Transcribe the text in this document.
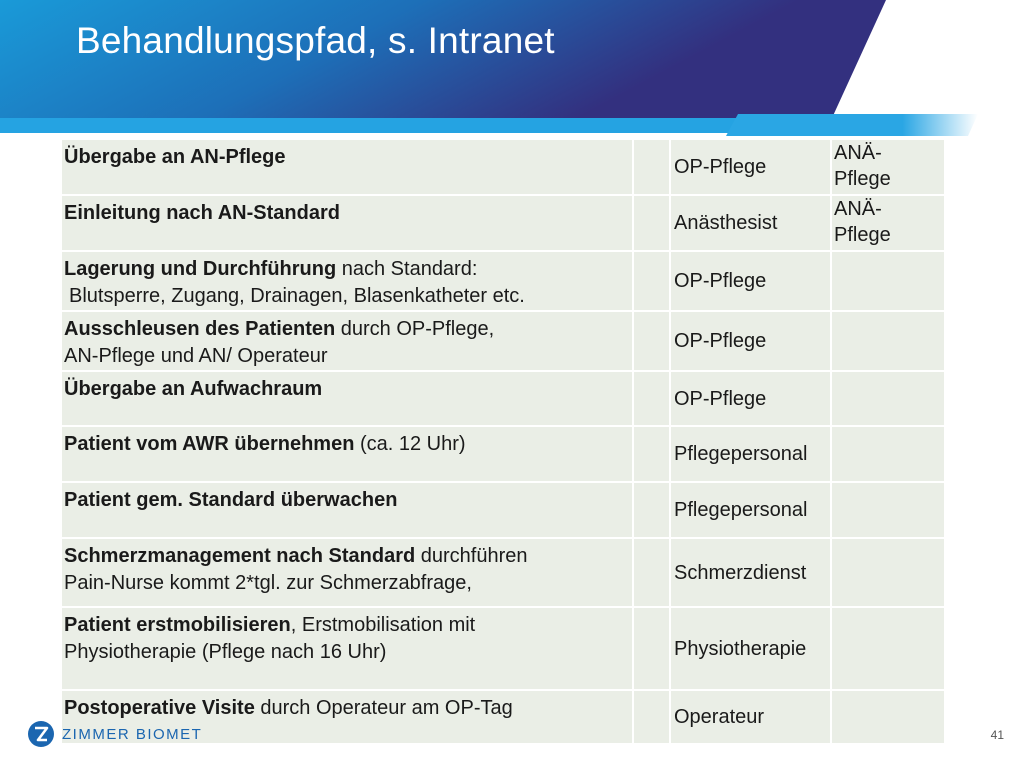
Behandlungspfad, s. Intranet
Übergabe an AN-Pflege		OP-Pflege	ANÄ-
Pflege
Einleitung nach AN-Standard		Anästhesist	ANÄ-
Pflege
Lagerung und Durchführung nach Standard:
Blutsperre, Zugang, Drainagen, Blasenkatheter etc.		OP-Pflege	
Ausschleusen des Patienten durch OP-Pflege,
AN-Pflege und AN/ Operateur		OP-Pflege	
Übergabe an Aufwachraum		OP-Pflege	
Patient vom AWR übernehmen (ca. 12 Uhr)		Pflegepersonal	
Patient gem. Standard überwachen		Pflegepersonal	
Schmerzmanagement nach Standard durchführen
Pain-Nurse kommt 2*tgl. zur Schmerzabfrage,		Schmerzdienst	
Patient erstmobilisieren, Erstmobilisation mit
Physiotherapie (Pflege nach 16 Uhr)		Physiotherapie	
Postoperative Visite durch Operateur am OP-Tag		Operateur	
ZIMMER BIOMET	41
